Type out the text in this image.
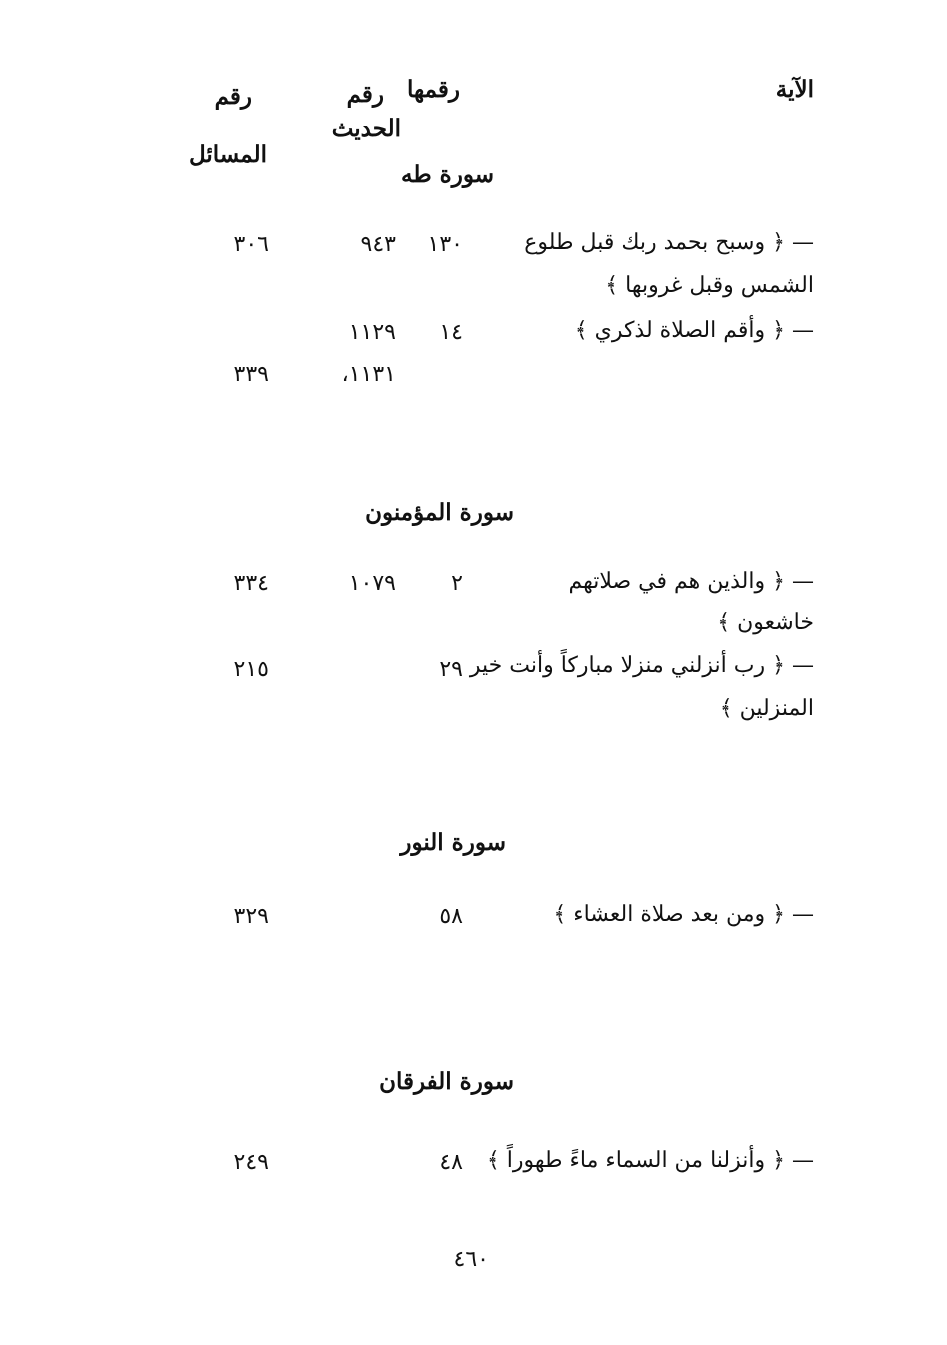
الآية
رقمها
رقم
الحديث
رقم
المسائل
سورة طه
— ﴿ وسبح بحمد ربك قبل طلوع
١٣٠
٩٤٣
٣٠٦
الشمس وقبل غروبها ﴾
— ﴿ وأقم الصلاة لذكري ﴾
١٤
١١٢٩
١١٣١،
٣٣٩
سورة المؤمنون
— ﴿ والذين هم في صلاتهم
٢
١٠٧٩
٣٣٤
خاشعون ﴾
— ﴿ رب أنزلني منزلا مباركاً وأنت خير
٢٩
٢١٥
المنزلين ﴾
سورة النور
— ﴿ ومن بعد صلاة العشاء ﴾
٥٨
٣٢٩
سورة الفرقان
— ﴿ وأنزلنا من السماء ماءً طهوراً ﴾
٤٨
٢٤٩
٤٦٠
